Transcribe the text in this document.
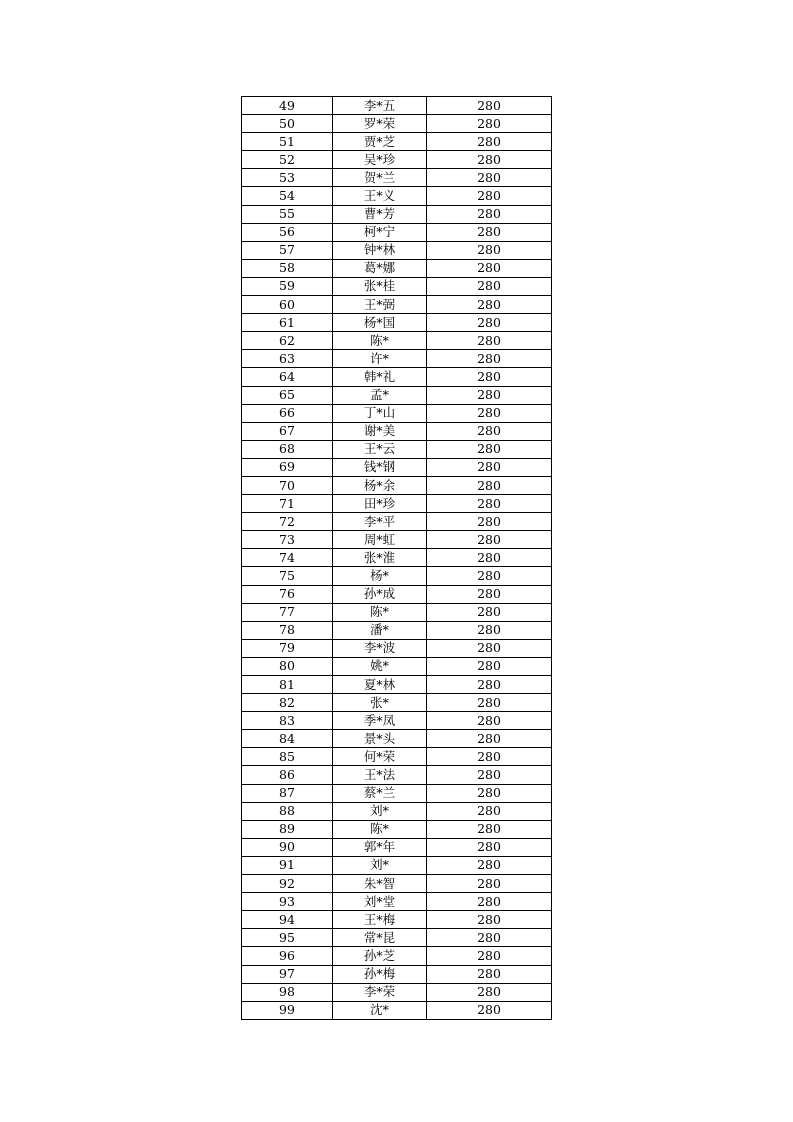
49	李*五	280
50	罗*荣	280
51	贾*芝	280
52	吴*珍	280
53	贺*兰	280
54	王*义	280
55	曹*芳	280
56	柯*宁	280
57	钟*林	280
58	葛*娜	280
59	张*桂	280
60	王*弼	280
61	杨*国	280
62	陈*	280
63	许*	280
64	韩*礼	280
65	孟*	280
66	丁*山	280
67	谢*美	280
68	王*云	280
69	钱*钢	280
70	杨*余	280
71	田*珍	280
72	李*平	280
73	周*虹	280
74	张*淮	280
75	杨*	280
76	孙*成	280
77	陈*	280
78	潘*	280
79	李*波	280
80	姚*	280
81	夏*林	280
82	张*	280
83	季*凤	280
84	景*头	280
85	何*荣	280
86	王*法	280
87	蔡*兰	280
88	刘*	280
89	陈*	280
90	郭*年	280
91	刘*	280
92	朱*智	280
93	刘*堂	280
94	王*梅	280
95	常*昆	280
96	孙*芝	280
97	孙*梅	280
98	李*荣	280
99	沈*	280
